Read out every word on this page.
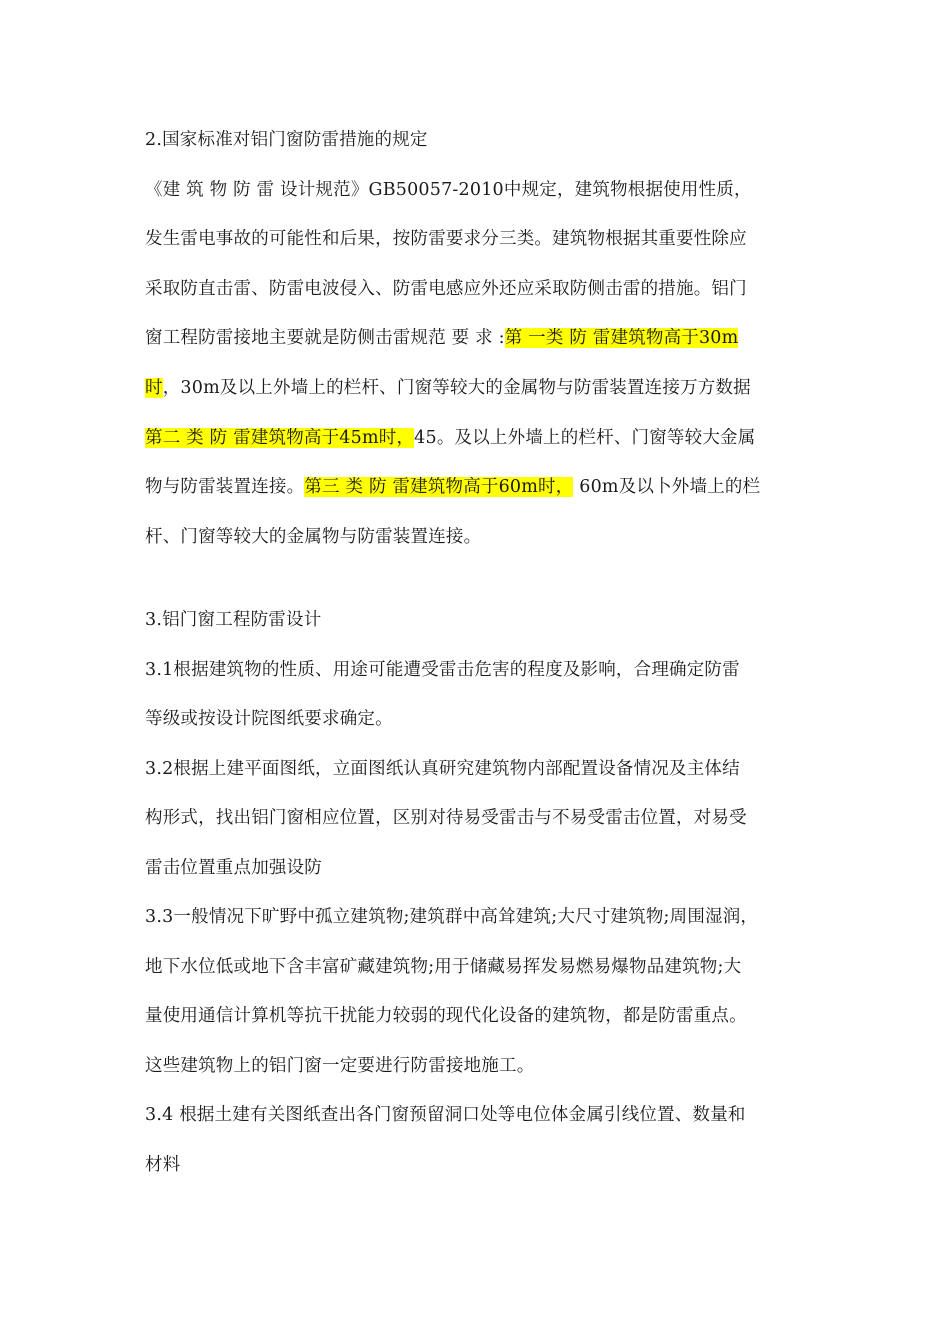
2.国家标准对铝门窗防雷措施的规定
《建 筑 物 防 雷 设计规范》GB50057-2010中规定，建筑物根据使用性质，
发生雷电事故的可能性和后果，按防雷要求分三类。建筑物根据其重要性除应
采取防直击雷、防雷电波侵入、防雷电感应外还应采取防侧击雷的措施。铝门
窗工程防雷接地主要就是防侧击雷规范 要 求 :第 一类 防 雷建筑物高于30m
时，30m及以上外墙上的栏杆、门窗等较大的金属物与防雷装置连接万方数据
第二 类 防 雷建筑物高于45m时，45。及以上外墙上的栏杆、门窗等较大金属
物与防雷装置连接。第三 类 防 雷建筑物高于60m时， 60m及以卜外墙上的栏
杆、门窗等较大的金属物与防雷装置连接。
3.铝门窗工程防雷设计
3.1根据建筑物的性质、用途可能遭受雷击危害的程度及影响，合理确定防雷
等级或按设计院图纸要求确定。
3.2根据上建平面图纸，立面图纸认真研究建筑物内部配置设备情况及主体结
构形式，找出铝门窗相应位置，区别对待易受雷击与不易受雷击位置，对易受
雷击位置重点加强设防
3.3一般情况下旷野中孤立建筑物;建筑群中高耸建筑;大尺寸建筑物;周围湿润，
地下水位低或地下含丰富矿藏建筑物;用于储藏易挥发易燃易爆物品建筑物;大
量使用通信计算机等抗干扰能力较弱的现代化设备的建筑物，都是防雷重点。
这些建筑物上的铝门窗一定要进行防雷接地施工。
3.4 根据土建有关图纸查出各门窗预留洞口处等电位体金属引线位置、数量和
材料
